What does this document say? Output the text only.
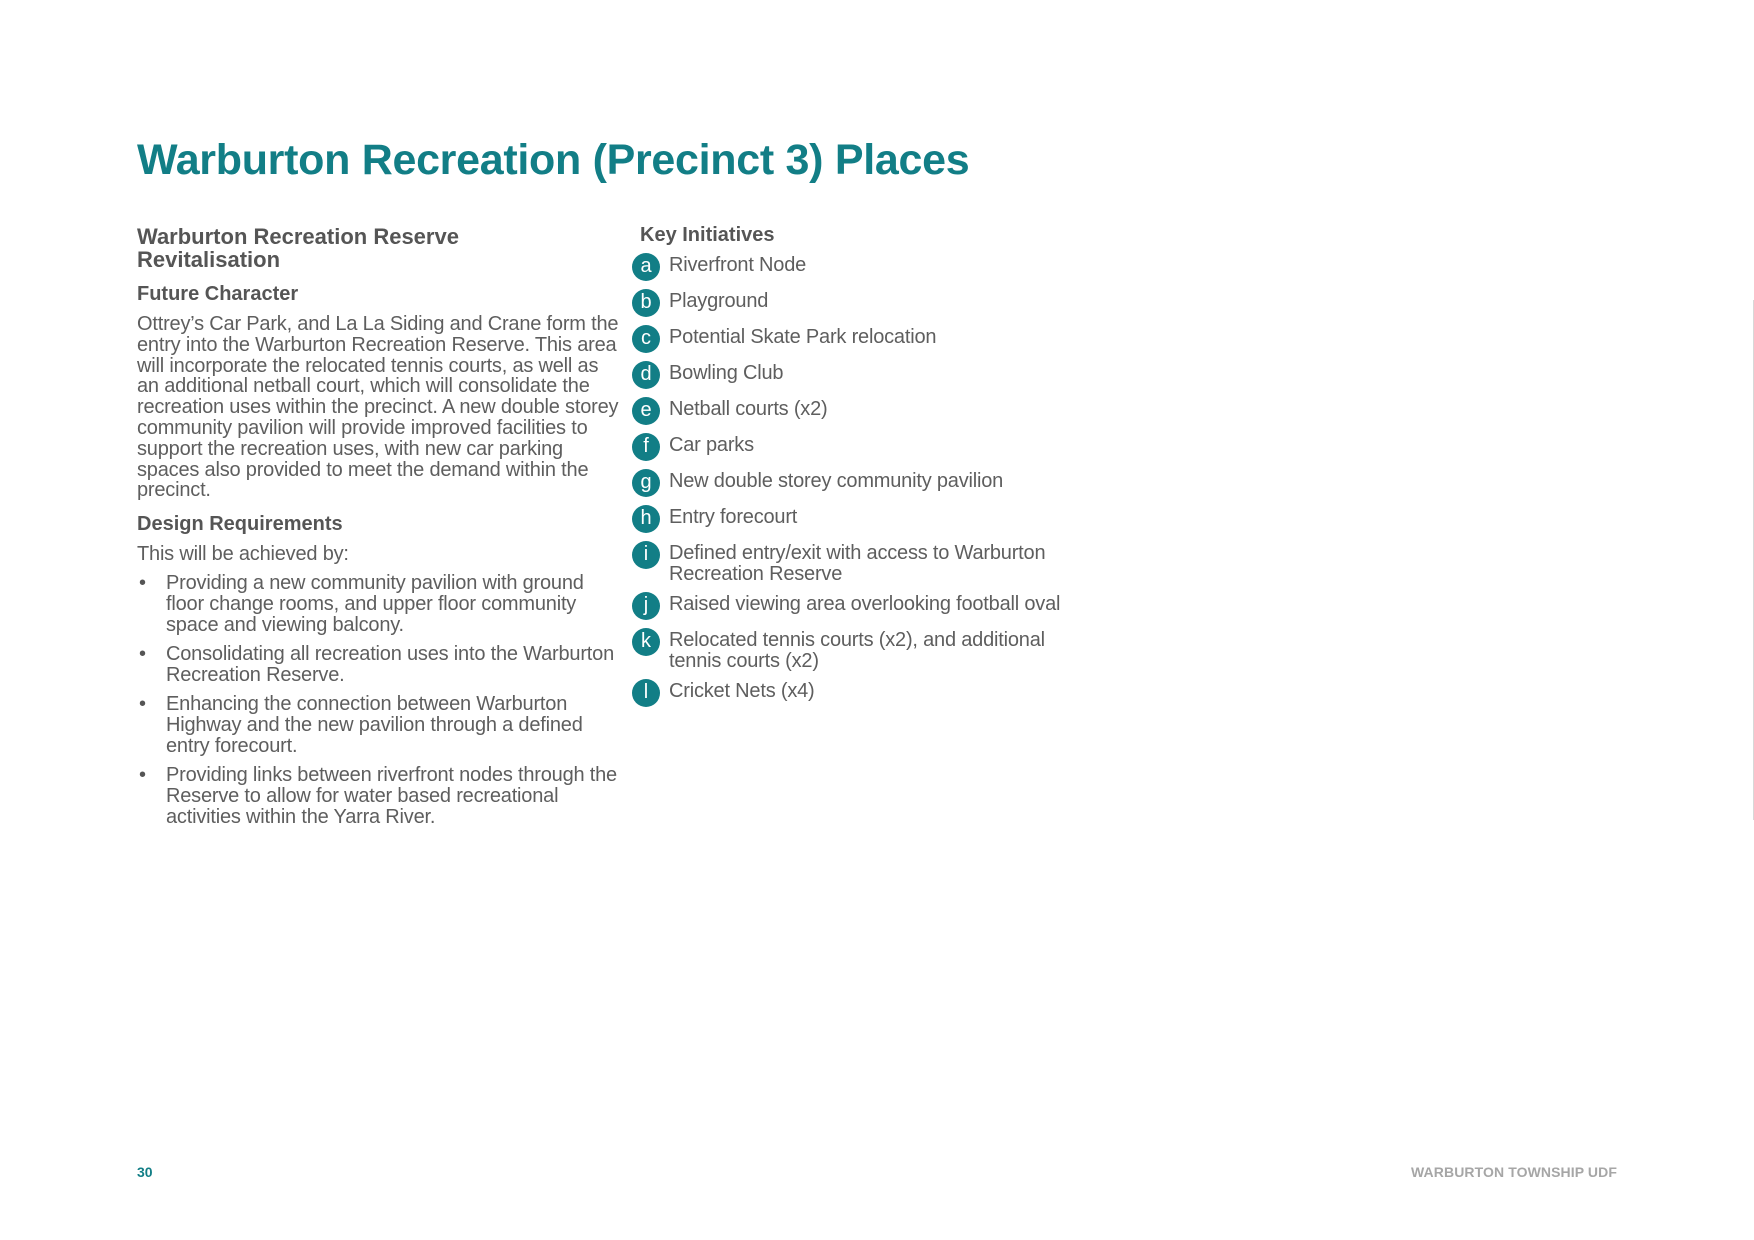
Warburton Recreation (Precinct 3) Places
Warburton Recreation Reserve Revitalisation
Future Character

Ottrey’s Car Park, and La La Siding and Crane form the entry into the Warburton Recreation Reserve. This area will incorporate the relocated tennis courts, as well as an additional netball court, which will consolidate the recreation uses within the precinct. A new double storey community pavilion will provide improved facilities to support the recreation uses, with new car parking spaces also provided to meet the demand within the precinct.

Design Requirements

This will be achieved by:

• Providing a new community pavilion with ground floor change rooms, and upper floor community space and viewing balcony.
• Consolidating all recreation uses into the Warburton Recreation Reserve.
• Enhancing the connection between Warburton Highway and the new pavilion through a defined entry forecourt.
• Providing links between riverfront nodes through the Reserve to allow for water based recreational activities within the Yarra River.
Key Initiatives
a Riverfront Node
b Playground
c Potential Skate Park relocation
d Bowling Club
e Netball courts (x2)
f	Car parks
g New double storey community pavilion
h Entry forecourt
i	Defined entry/exit with access to Warburton Recreation Reserve
j	Raised viewing area overlooking football oval
k Relocated tennis courts (x2), and additional tennis courts (x2)
l	Cricket Nets (x4)
30	WARBURTON TOWNSHIP UDF
